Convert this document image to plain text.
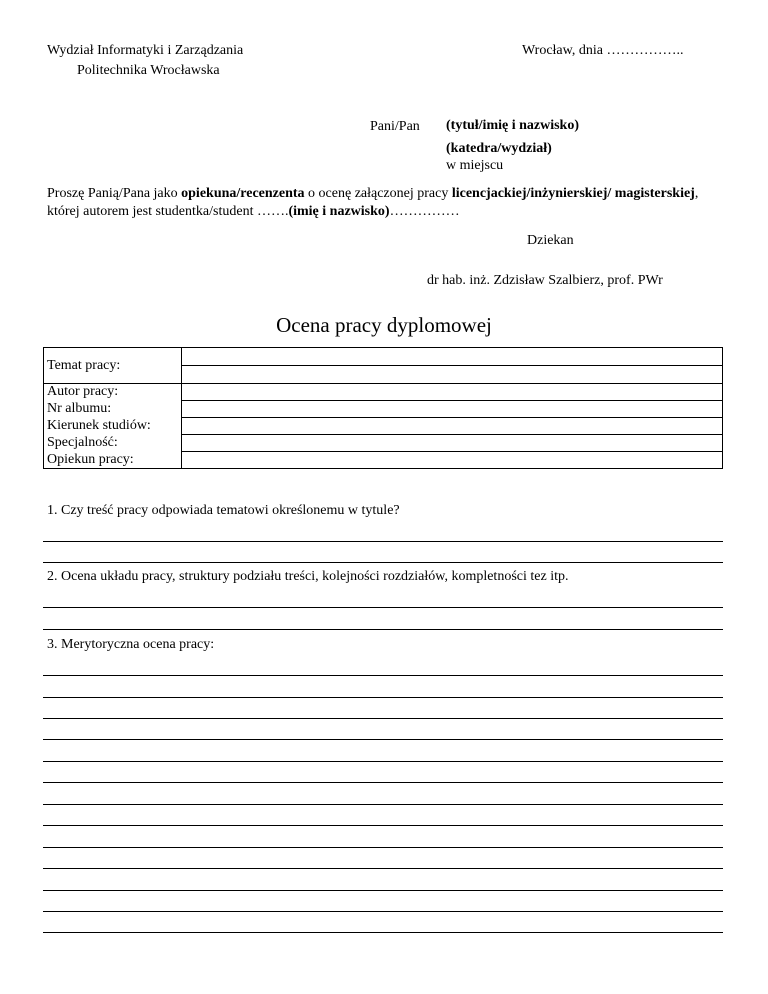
Wydział Informatyki i Zarządzania
Politechnika Wrocławska
Wrocław, dnia ……………..
Pani/Pan (tytuł/imię i nazwisko)
(katedra/wydział)
w miejscu
Proszę Panią/Pana jako opiekuna/recenzenta o ocenę załączonej pracy licencjackiej/inżynierskiej/ magisterskiej, której autorem jest studentka/student …….(imię i nazwisko)……………
Dziekan
dr hab. inż. Zdzisław Szalbierz, prof. PWr
Ocena pracy dyplomowej
Temat pracy:	

Autor pracy:	
Nr albumu:	
Kierunek studiów:	
Specjalność:	
Opiekun pracy:	
1. Czy treść pracy odpowiada tematowi określonemu w tytule?
2. Ocena układu pracy, struktury podziału treści, kolejności rozdziałów, kompletności tez itp.
3. Merytoryczna ocena pracy:
